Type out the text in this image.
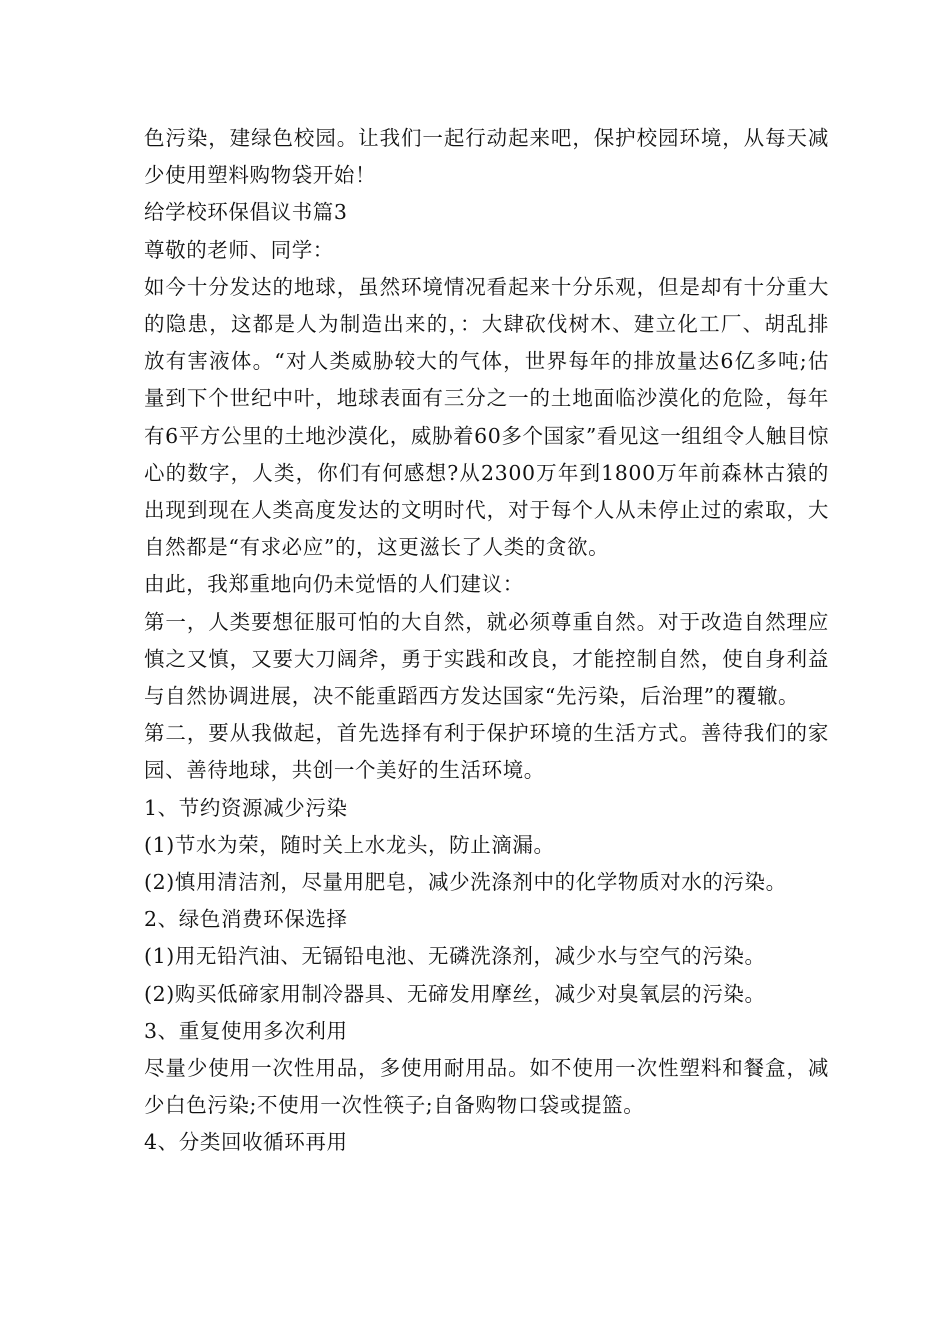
色污染，建绿色校园。让我们一起行动起来吧，保护校园环境，从每天减少使用塑料购物袋开始！

给学校环保倡议书篇3

尊敬的老师、同学：

如今十分发达的地球，虽然环境情况看起来十分乐观，但是却有十分重大的隐患，这都是人为制造出来的，：大肆砍伐树木、建立化工厂、胡乱排放有害液体。“对人类威胁较大的气体，世界每年的排放量达6亿多吨;估量到下个世纪中叶，地球表面有三分之一的土地面临沙漠化的危险，每年有6平方公里的土地沙漠化，威胁着60多个国家”看见这一组组令人触目惊心的数字，人类，你们有何感想?从2300万年到1800万年前森林古猿的出现到现在人类高度发达的文明时代，对于每个人从未停止过的索取，大自然都是“有求必应”的，这更滋长了人类的贪欲。

由此，我郑重地向仍未觉悟的人们建议：

第一，人类要想征服可怕的大自然，就必须尊重自然。对于改造自然理应慎之又慎，又要大刀阔斧，勇于实践和改良，才能控制自然，使自身利益与自然协调进展，决不能重蹈西方发达国家“先污染，后治理”的覆辙。

第二，要从我做起，首先选择有利于保护环境的生活方式。善待我们的家园、善待地球，共创一个美好的生活环境。

1、节约资源减少污染

(1)节水为荣，随时关上水龙头，防止滴漏。

(2)慎用清洁剂，尽量用肥皂，减少洗涤剂中的化学物质对水的污染。

2、绿色消费环保选择

(1)用无铅汽油、无镉铅电池、无磷洗涤剂，减少水与空气的污染。

(2)购买低碲家用制冷器具、无碲发用摩丝，减少对臭氧层的污染。

3、重复使用多次利用

尽量少使用一次性用品，多使用耐用品。如不使用一次性塑料和餐盒，减少白色污染;不使用一次性筷子;自备购物口袋或提篮。

4、分类回收循环再用
